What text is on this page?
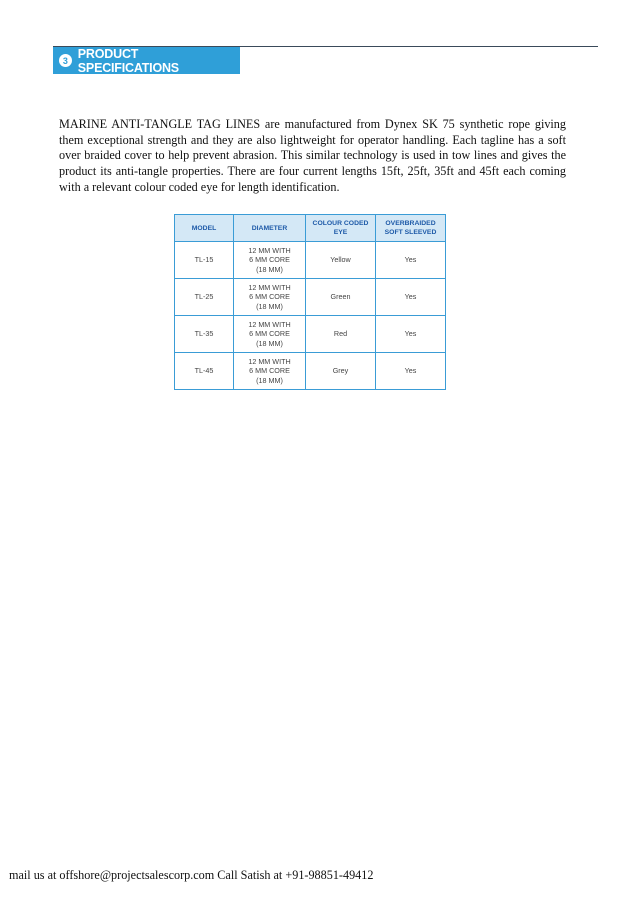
3 PRODUCT SPECIFICATIONS

MARINE ANTI-TANGLE TAG LINES are manufactured from Dynex SK 75 synthetic rope giving them exceptional strength and they are also lightweight for operator handling. Each tagline has a soft over braided cover to help prevent abrasion. This similar technology is used in tow lines and gives the product its anti-tangle properties. There are four current lengths 15ft, 25ft, 35ft and 45ft each coming with a relevant colour coded eye for length identification.

MODEL	DIAMETER	COLOUR CODED EYE	OVERBRAIDED SOFT SLEEVED
TL-15	12 MM WITH
6 MM CORE
(18 MM)	Yellow	Yes
TL-25	12 MM WITH
6 MM CORE
(18 MM)	Green	Yes
TL-35	12 MM WITH
6 MM CORE
(18 MM)	Red	Yes
TL-45	12 MM WITH
6 MM CORE
(18 MM)	Grey	Yes
mail us at offshore@projectsalescorp.com Call Satish at +91-98851-49412
